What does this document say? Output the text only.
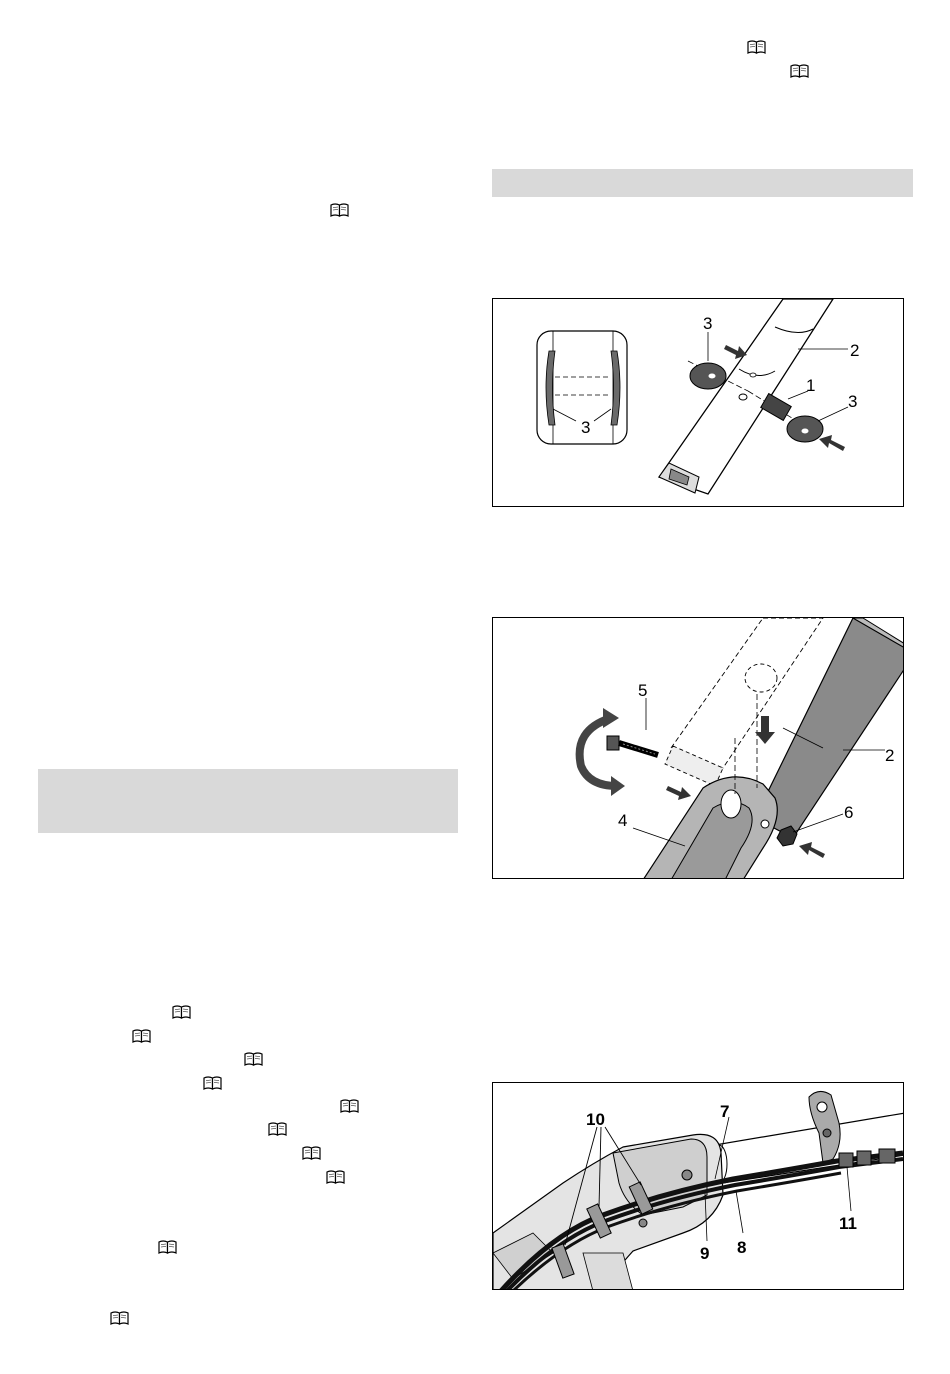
3
3
2
1
3
5
2
4	6
10	7
8
9
11
